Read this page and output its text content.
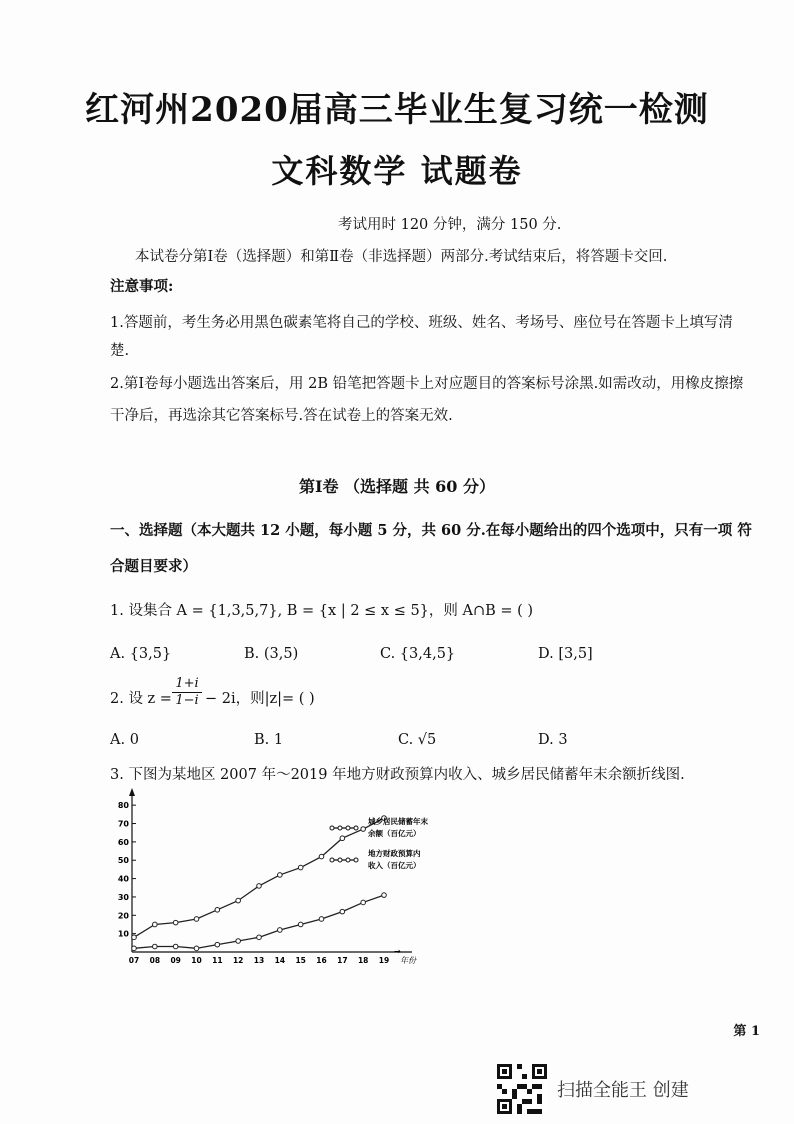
红河州2020届高三毕业生复习统一检测
文科数学 试题卷
考试用时 120 分钟，满分 150 分.
本试卷分第Ⅰ卷（选择题）和第Ⅱ卷（非选择题）两部分.考试结束后，将答题卡交回.
注意事项:
1.答题前，考生务必用黑色碳素笔将自己的学校、班级、姓名、考场号、座位号在答题卡上填写清
楚.
2.第Ⅰ卷每小题选出答案后，用 2B 铅笔把答题卡上对应题目的答案标号涂黑.如需改动，用橡皮擦擦
干净后，再选涂其它答案标号.答在试卷上的答案无效.
第Ⅰ卷 （选择题 共 60 分）
一、选择题（本大题共 12 小题，每小题 5 分，共 60 分.在每小题给出的四个选项中，只有一项 符
合题目要求）
1. 设集合 A = {1,3,5,7}, B = {x | 2 ≤ x ≤ 5}，则 A∩B = ( )
A. {3,5}	B. (3,5)	C. {3,4,5}	D. [3,5]
2. 设 $z = \frac{1+i}{1-i} - 2i$，则|z|= ( )
A. 0	B. 1	C. √5	D. 3
3. 下图为某地区 2007 年～2019 年地方财政预算内收入、城乡居民储蓄年末余额折线图.
10
20
30
40
50
60
70
80
07 08 09 10 11 12 13 14 15 16 17 18 19 年份
→
城乡居民储蓄年末
余额（百亿元）
地方财政预算内
收入（百亿元）
第 1
扫描全能王 创建
